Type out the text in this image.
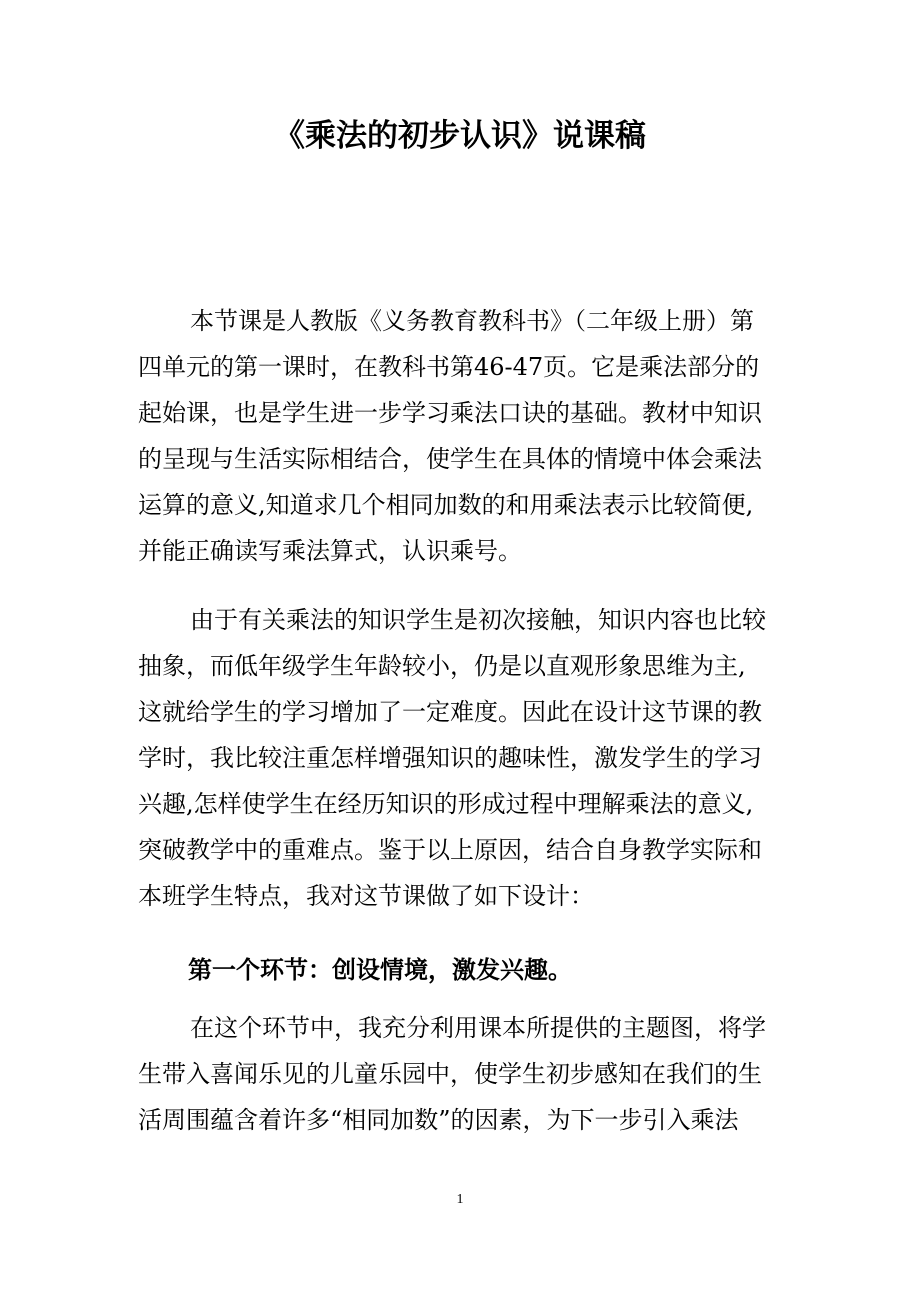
《乘法的初步认识》说课稿
本节课是人教版《义务教育教科书》（二年级上册）第
四单元的第一课时，在教科书第46-47页。它是乘法部分的
起始课，也是学生进一步学习乘法口诀的基础。教材中知识
的呈现与生活实际相结合，使学生在具体的情境中体会乘法
运算的意义,知道求几个相同加数的和用乘法表示比较简便,
并能正确读写乘法算式，认识乘号。
由于有关乘法的知识学生是初次接触，知识内容也比较
抽象，而低年级学生年龄较小，仍是以直观形象思维为主,
这就给学生的学习增加了一定难度。因此在设计这节课的教
学时，我比较注重怎样增强知识的趣味性，激发学生的学习
兴趣,怎样使学生在经历知识的形成过程中理解乘法的意义,
突破教学中的重难点。鉴于以上原因，结合自身教学实际和
本班学生特点，我对这节课做了如下设计：
第一个环节：创设情境，激发兴趣。
在这个环节中，我充分利用课本所提供的主题图，将学
生带入喜闻乐见的儿童乐园中，使学生初步感知在我们的生
活周围蕴含着许多“相同加数”的因素，为下一步引入乘法
1
